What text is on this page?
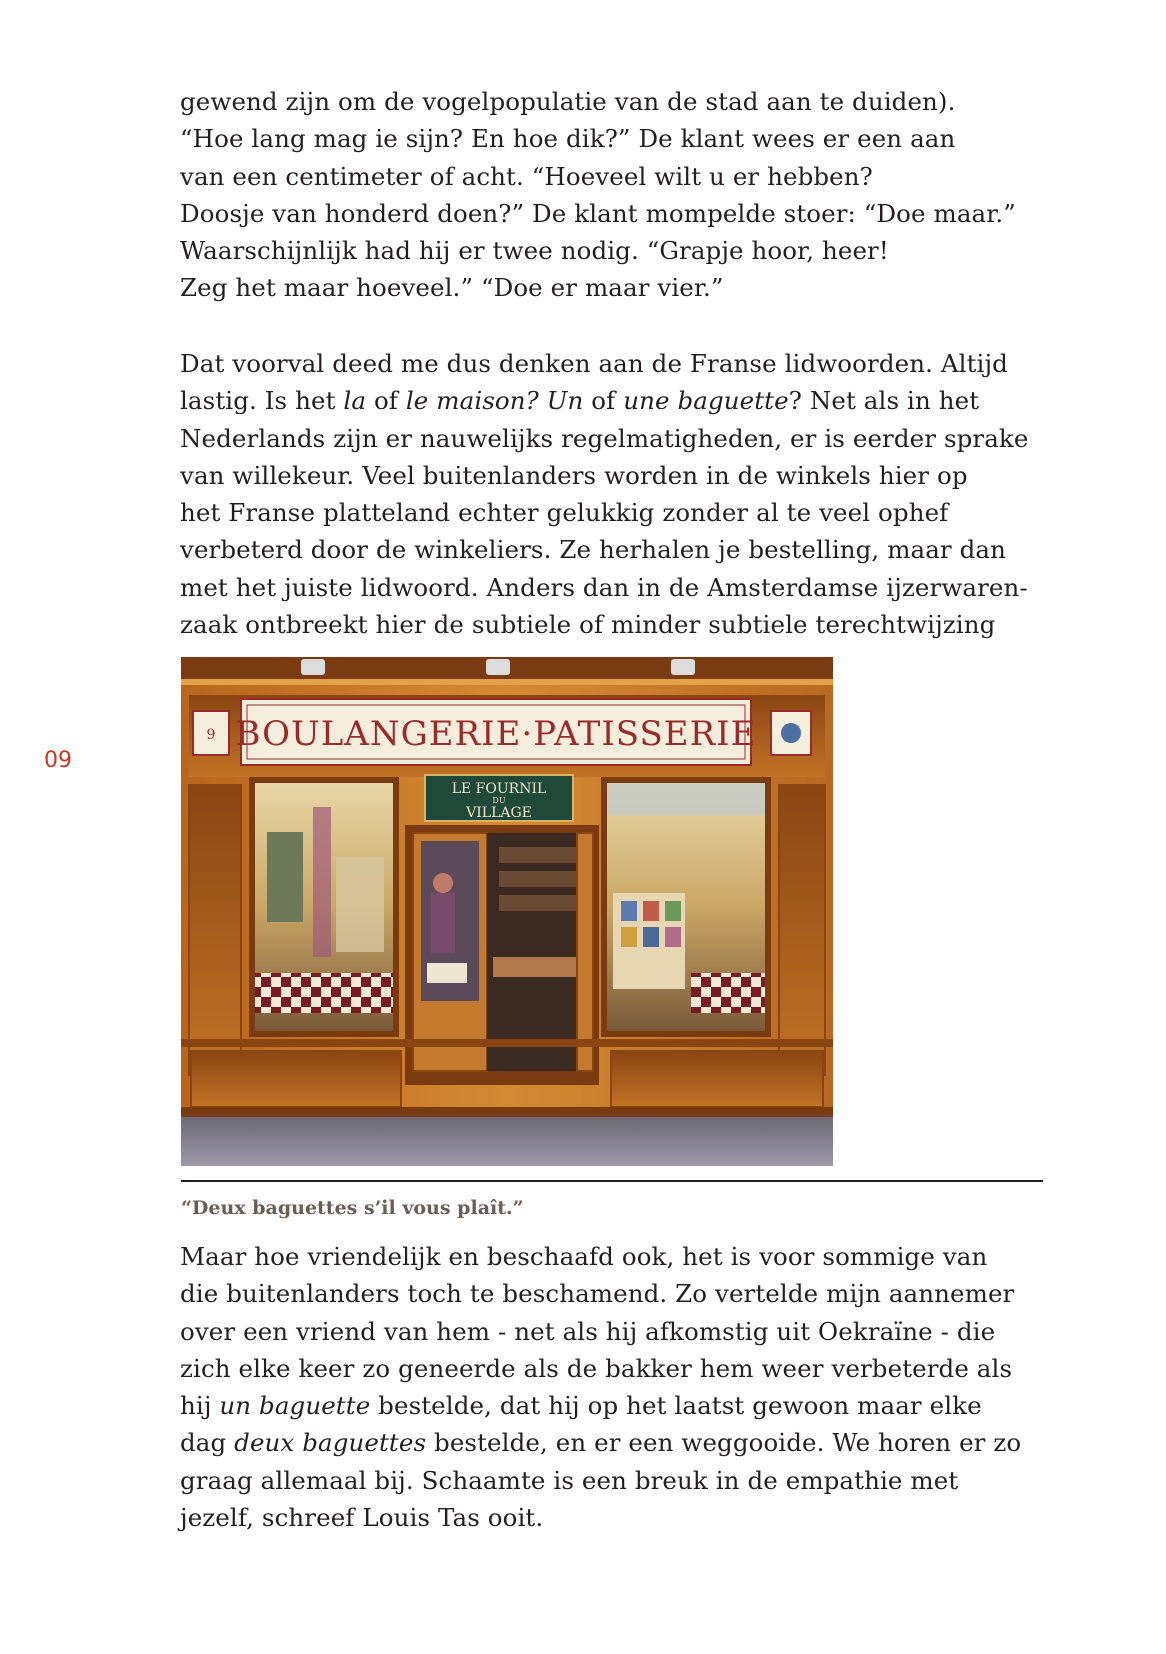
gewend zijn om de vogelpopulatie van de stad aan te duiden).
“Hoe lang mag ie sijn? En hoe dik?” De klant wees er een aan
van een centimeter of acht. “Hoeveel wilt u er hebben?
Doosje van honderd doen?” De klant mompelde stoer: “Doe maar.”
Waarschijnlijk had hij er twee nodig. “Grapje hoor, heer!
Zeg het maar hoeveel.” “Doe er maar vier.”
Dat voorval deed me dus denken aan de Franse lidwoorden. Altijd
lastig. Is het la of le maison? Un of une baguette? Net als in het
Nederlands zijn er nauwelijks regelmatigheden, er is eerder sprake
van willekeur. Veel buitenlanders worden in de winkels hier op
het Franse platteland echter gelukkig zonder al te veel ophef
verbeterd door de winkeliers. Ze herhalen je bestelling, maar dan
met het juiste lidwoord. Anders dan in de Amsterdamse ijzerwaren-
zaak ontbreekt hier de subtiele of minder subtiele terechtwijzing
09
BOULANGERIE·PATISSERIE
9
LE FOURNIL
DU
VILLAGE
“Deux baguettes s’il vous plaît.”
Maar hoe vriendelijk en beschaafd ook, het is voor sommige van
die buitenlanders toch te beschamend. Zo vertelde mijn aannemer
over een vriend van hem - net als hij afkomstig uit Oekraïne - die
zich elke keer zo geneerde als de bakker hem weer verbeterde als
hij un baguette bestelde, dat hij op het laatst gewoon maar elke
dag deux baguettes bestelde, en er een weggooide. We horen er zo
graag allemaal bij. Schaamte is een breuk in de empathie met
jezelf, schreef Louis Tas ooit.
